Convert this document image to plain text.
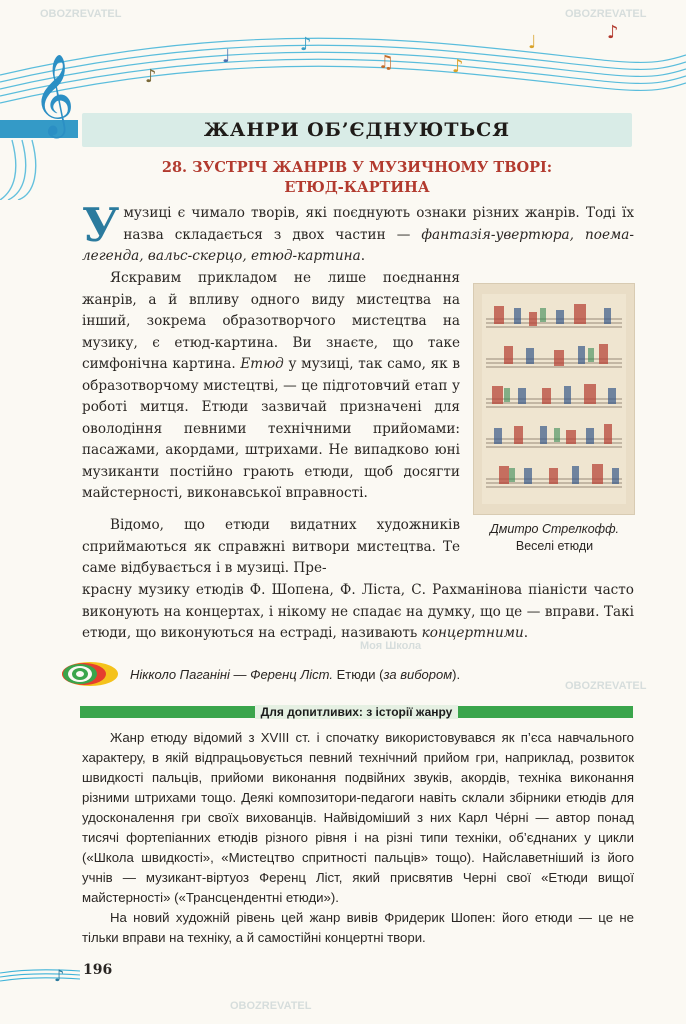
𝄞	♪
♩
♪
♫	♪
♩	♪
OBOZREVATEL	OBOZREVATEL
Моя Школа
OBOZREVATEL
OBOZREVATEL
ЖАНРИ ОБ’ЄДНУЮТЬСЯ
28. ЗУСТРІЧ ЖАНРІВ У МУЗИЧНОМУ ТВОРІ:
ЕТЮД-КАРТИНА
У музиці є чимало творів, які поєднують ознаки різних жанрів. Тоді їх назва складається з двох частин — фантазія-увертюра, поема-легенда, вальс-скерцо, етюд-картина.
Яскравим прикладом не лише поєднання жанрів, а й впливу одного виду мистецтва на інший, зокрема образотворчого мистецтва на музику, є етюд-картина. Ви знаєте, що таке симфонічна картина. Етюд у музиці, так само, як в образотворчому мистецтві, — це підготовчий етап у роботі митця. Етюди зазвичай призначені для оволодіння певними технічними прийомами: пасажами, акордами, штрихами. Не випадково юні музиканти постійно грають етюди, щоб досягти майстерності, виконавської вправності.
Відомо, що етюди видатних художників сприймаються як справжні витвори мистецтва. Те саме відбувається і в музиці. Пре-
красну музику етюдів Ф. Шопена, Ф. Ліста, С. Рахманінова піаністи часто виконують на концертах, і нікому не спадає на думку, що це — вправи. Такі етюди, що виконуються на естраді, називають концертними.
Дмитро Стрелкофф.
Веселі етюди
Нікколо Паганіні — Ференц Ліст. Етюди (за вибором).
Для допитливих: з історії жанру
Жанр етюду відомий з XVIII ст. і спочатку використовувався як п’єса навчального характеру, в якій відпрацьовується певний технічний прийом гри, наприклад, розвиток швидкості пальців, прийоми виконання подвійних звуків, акордів, техніка виконання різними штрихами тощо. Деякі композитори-педагоги навіть склали збірники етюдів для удосконалення гри своїх вихованців. Найвідоміший з них Карл Че́рні — автор понад тисячі фортепіанних етюдів різного рівня і на різні типи техніки, об’єднаних у цикли («Школа швидкості», «Мистецтво спритності пальців» тощо). Найславетніший із його учнів — музикант-віртуоз Ференц Ліст, який присвятив Черні свої «Етюди вищої майстерності» («Трансцендентні етюди»).
На новий художній рівень цей жанр вивів Фридерик Шопен: його етюди — це не тільки вправи на техніку, а й самостійні концертні твори.
♪ 196
